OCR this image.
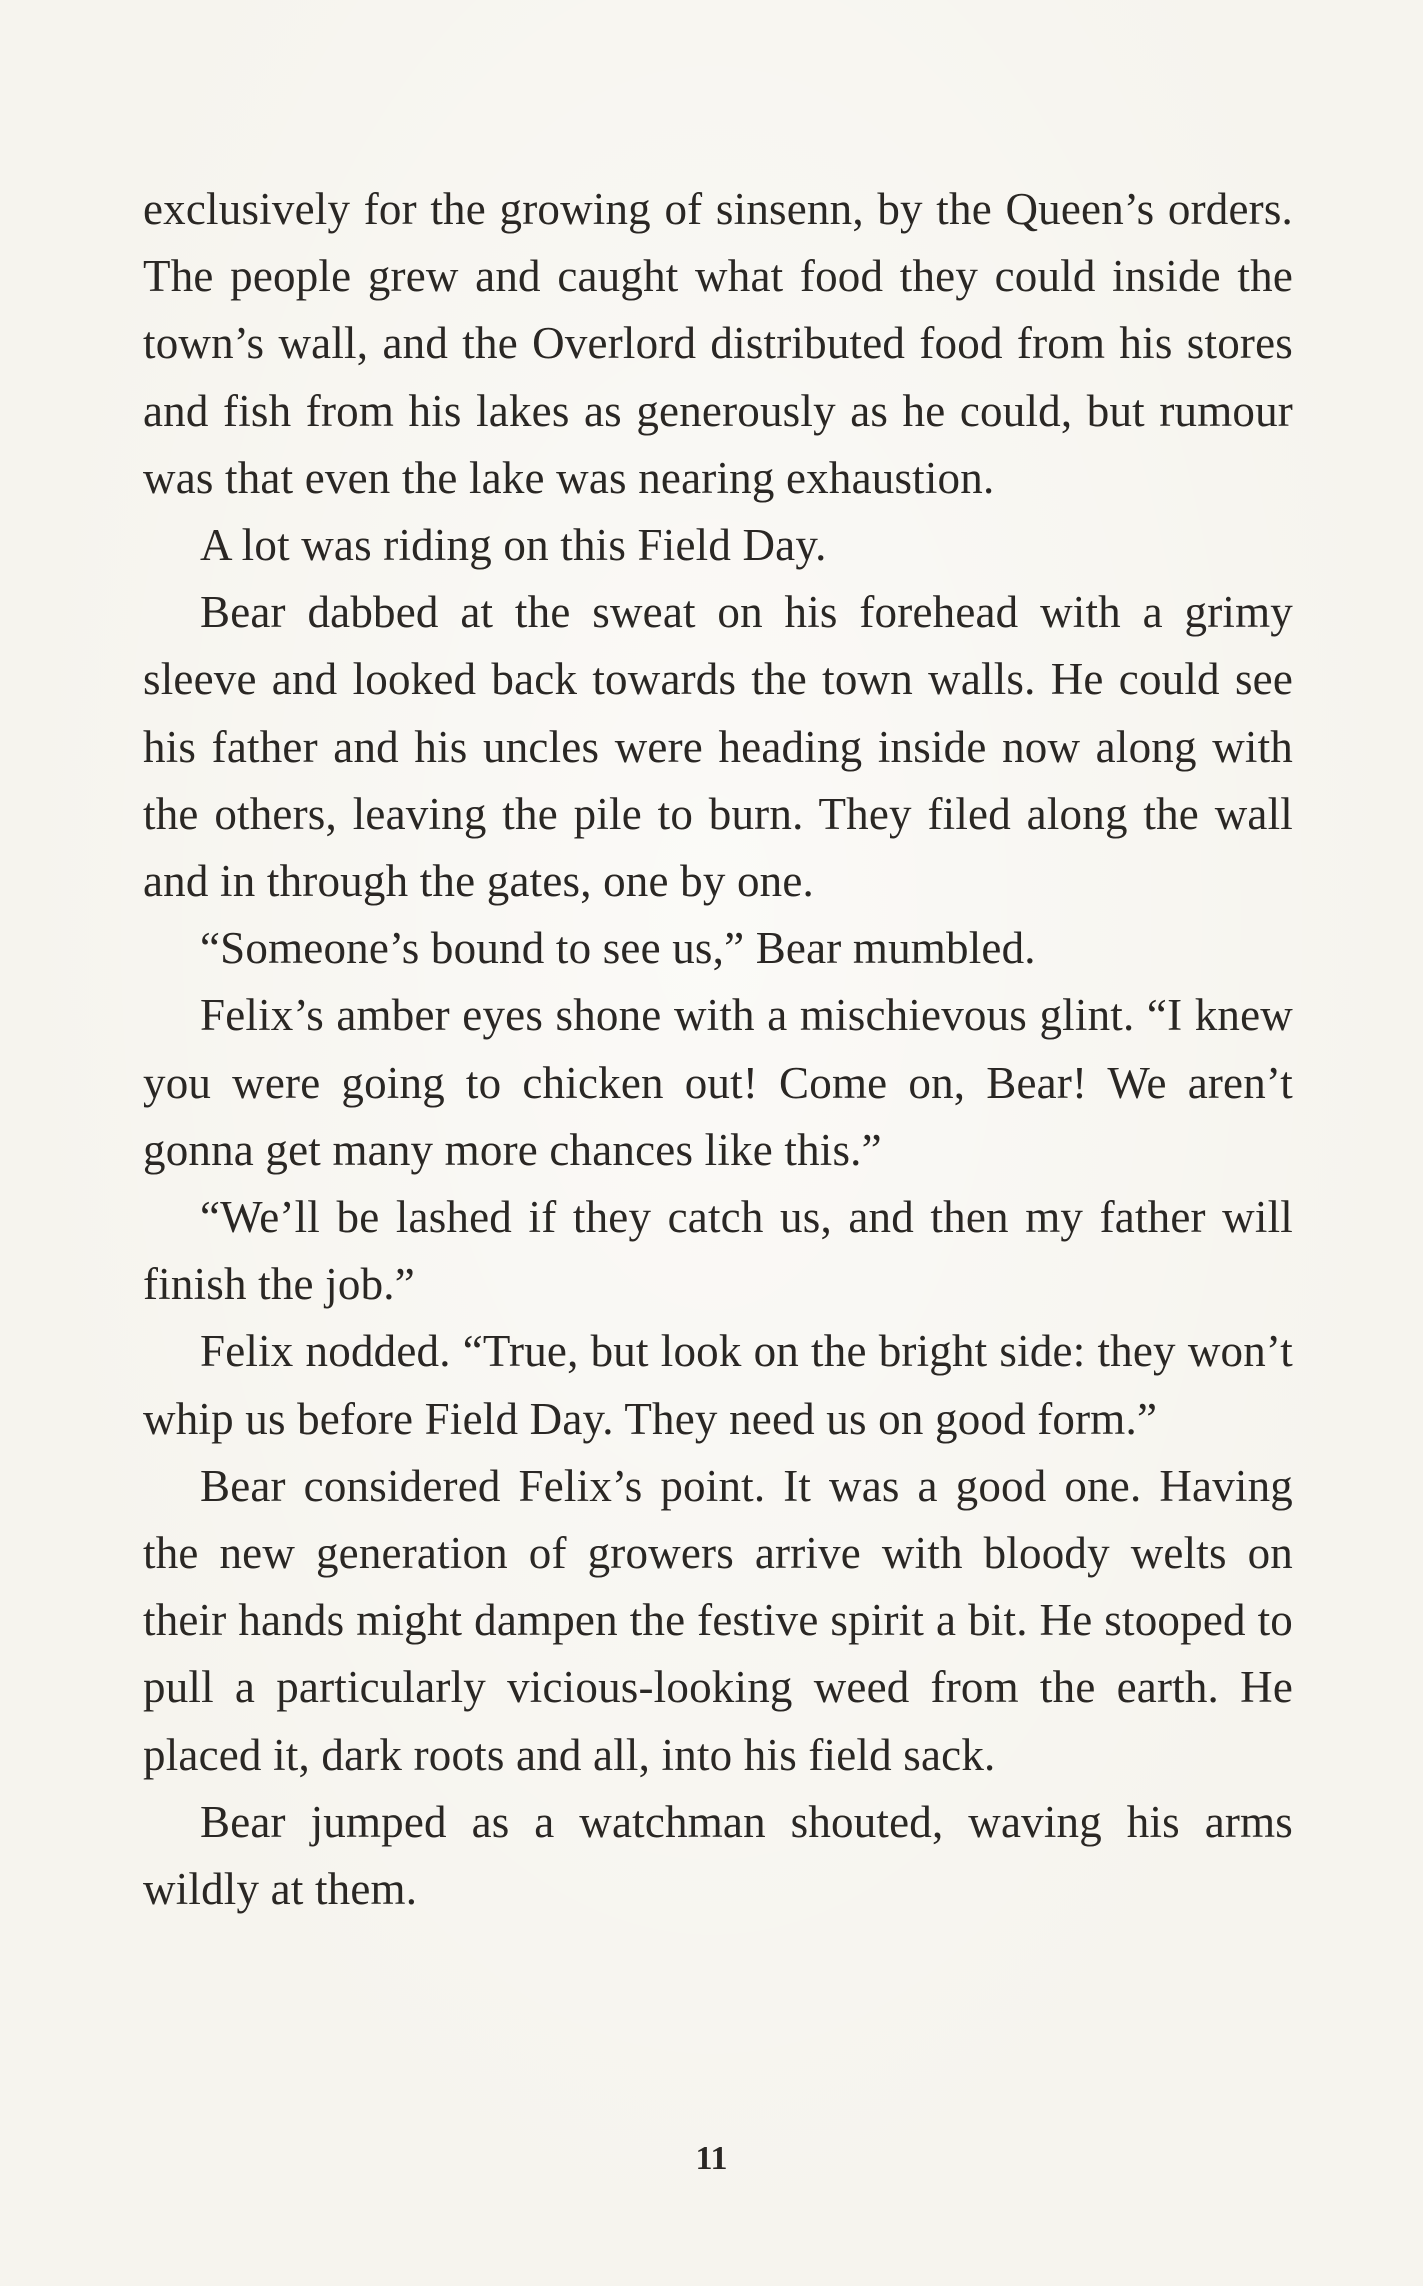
exclusively for the growing of sinsenn, by the Queen’s orders. The people grew and caught what food they could inside the town’s wall, and the Overlord distributed food from his stores and fish from his lakes as generously as he could, but rumour was that even the lake was nearing exhaustion.

A lot was riding on this Field Day.

Bear dabbed at the sweat on his forehead with a grimy sleeve and looked back towards the town walls. He could see his father and his uncles were heading inside now along with the others, leaving the pile to burn. They filed along the wall and in through the gates, one by one.

“Someone’s bound to see us,” Bear mumbled.

Felix’s amber eyes shone with a mischievous glint. “I knew you were going to chicken out! Come on, Bear! We aren’t gonna get many more chances like this.”

“We’ll be lashed if they catch us, and then my father will finish the job.”

Felix nodded. “True, but look on the bright side: they won’t whip us before Field Day. They need us on good form.”

Bear considered Felix’s point. It was a good one. Having the new generation of growers arrive with bloody welts on their hands might dampen the festive spirit a bit. He stooped to pull a particularly vicious-looking weed from the earth. He placed it, dark roots and all, into his field sack.

Bear jumped as a watchman shouted, waving his arms wildly at them.

11
